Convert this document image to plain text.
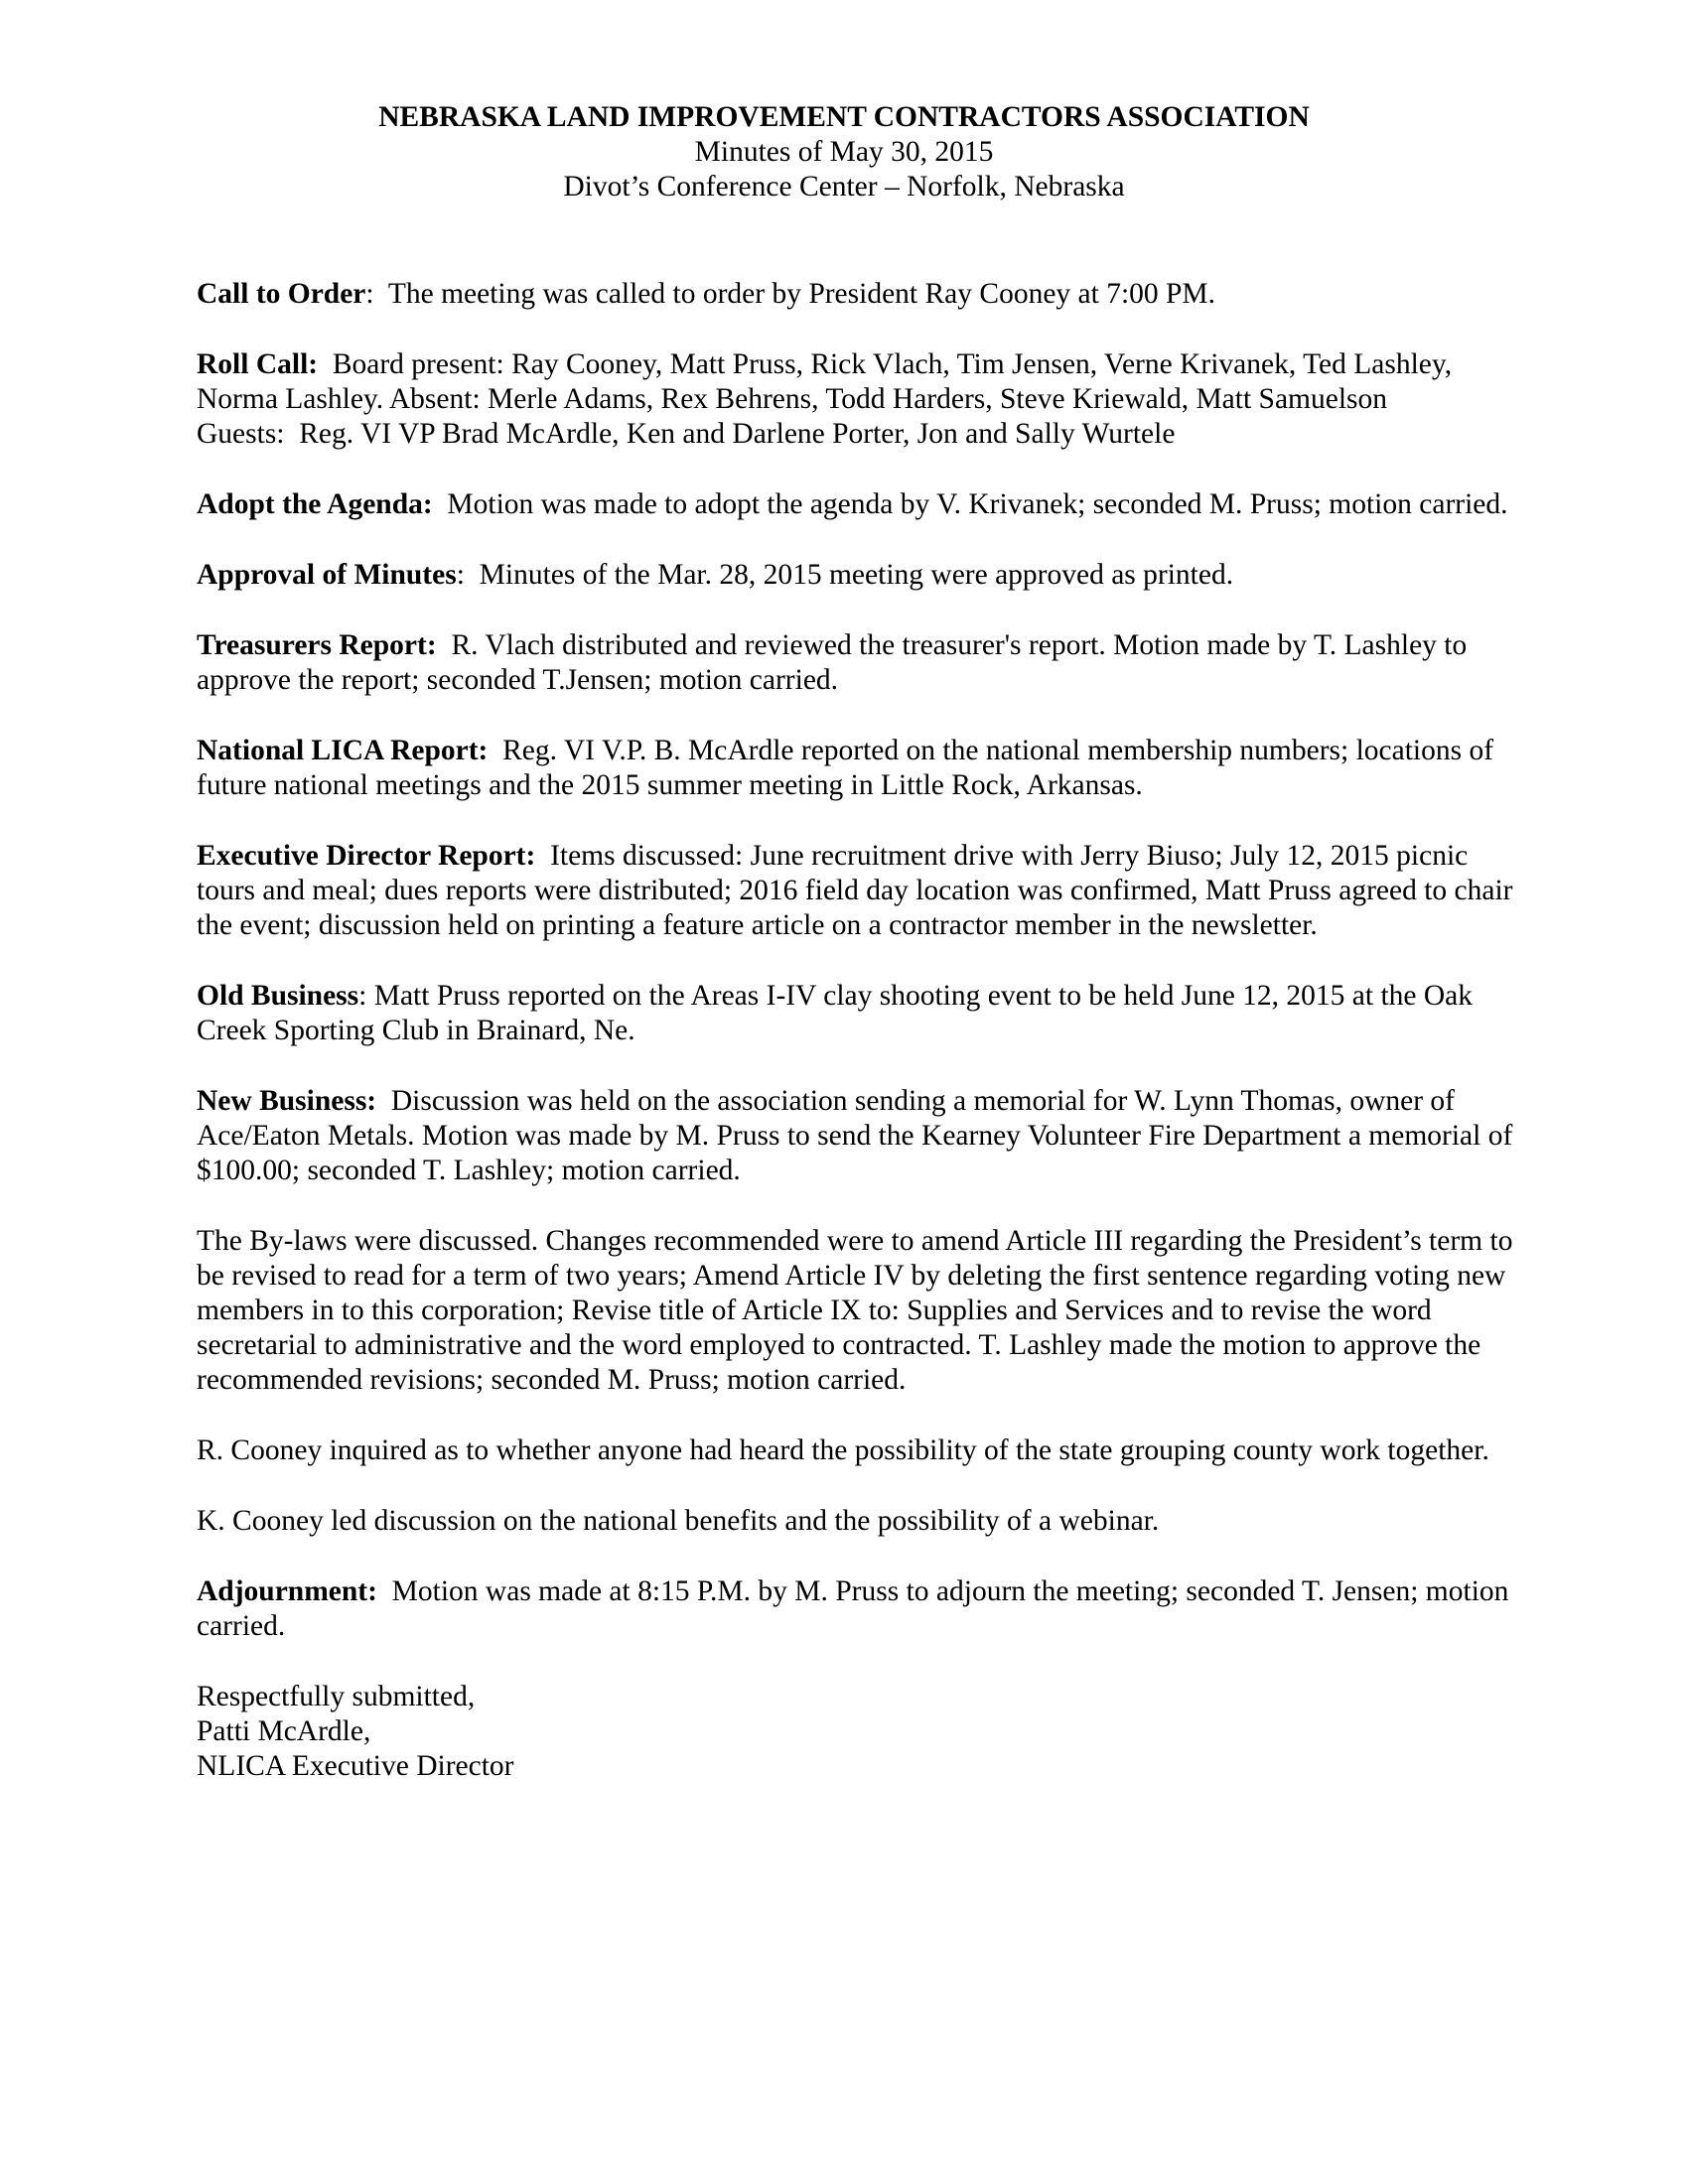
NEBRASKA LAND IMPROVEMENT CONTRACTORS ASSOCIATION
Minutes of May 30, 2015
Divot’s Conference Center – Norfolk, Nebraska

Call to Order:  The meeting was called to order by President Ray Cooney at 7:00 PM.

Roll Call: Board present: Ray Cooney, Matt Pruss, Rick Vlach, Tim Jensen, Verne Krivanek, Ted Lashley, Norma Lashley. Absent: Merle Adams, Rex Behrens, Todd Harders, Steve Kriewald, Matt Samuelson
Guests:  Reg. VI VP Brad McArdle, Ken and Darlene Porter, Jon and Sally Wurtele

Adopt the Agenda: Motion was made to adopt the agenda by V. Krivanek; seconded M. Pruss; motion carried.

Approval of Minutes:  Minutes of the Mar. 28, 2015 meeting were approved as printed.

Treasurers Report: R. Vlach distributed and reviewed the treasurer's report. Motion made by T. Lashley to approve the report; seconded T.Jensen; motion carried.

National LICA Report: Reg. VI V.P. B. McArdle reported on the national membership numbers; locations of future national meetings and the 2015 summer meeting in Little Rock, Arkansas.

Executive Director Report: Items discussed: June recruitment drive with Jerry Biuso; July 12, 2015 picnic tours and meal; dues reports were distributed; 2016 field day location was confirmed, Matt Pruss agreed to chair the event; discussion held on printing a feature article on a contractor member in the newsletter.

Old Business: Matt Pruss reported on the Areas I-IV clay shooting event to be held June 12, 2015 at the Oak Creek Sporting Club in Brainard, Ne.

New Business: Discussion was held on the association sending a memorial for W. Lynn Thomas, owner of Ace/Eaton Metals. Motion was made by M. Pruss to send the Kearney Volunteer Fire Department a memorial of $100.00; seconded T. Lashley; motion carried.

The By-laws were discussed. Changes recommended were to amend Article III regarding the President’s term to be revised to read for a term of two years; Amend Article IV by deleting the first sentence regarding voting new members in to this corporation; Revise title of Article IX to: Supplies and Services and to revise the word secretarial to administrative and the word employed to contracted. T. Lashley made the motion to approve the recommended revisions; seconded M. Pruss; motion carried.

R. Cooney inquired as to whether anyone had heard the possibility of the state grouping county work together.

K. Cooney led discussion on the national benefits and the possibility of a webinar.

Adjournment: Motion was made at 8:15 P.M. by M. Pruss to adjourn the meeting; seconded T. Jensen; motion carried.

Respectfully submitted,
Patti McArdle,
NLICA Executive Director
